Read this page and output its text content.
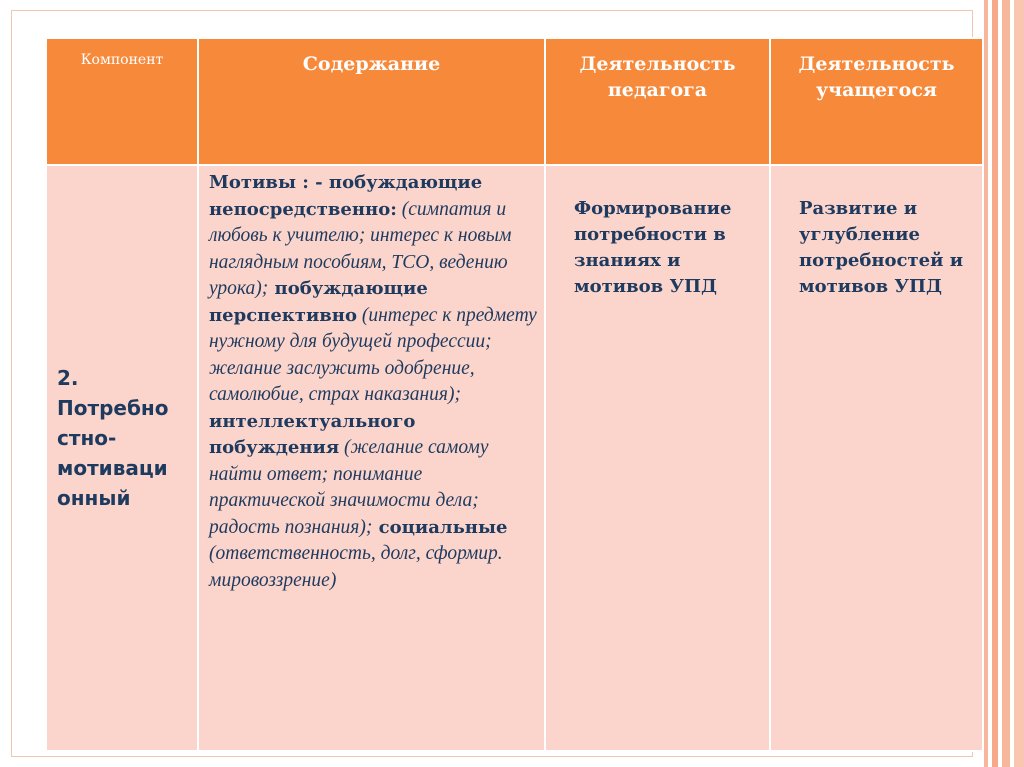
Компонент	Содержание	Деятельность педагога	Деятельность учащегося
2. Потребно стно- мотиваци онный	Мотивы : - побуждающие непосредственно: (симпатия и любовь к учителю; интерес к новым наглядным пособиям, ТСО, ведению урока); побуждающие перспективно (интерес к предмету нужному для будущей профессии; желание заслужить одобрение, самолюбие, страх наказания); интеллектуального побуждения (желание самому найти ответ; понимание практической значимости дела; радость познания); социальные (ответственность, долг, сформир. мировоззрение)	Формирование потребности в знаниях и мотивов УПД	Развитие и углубление потребностей и мотивов УПД
